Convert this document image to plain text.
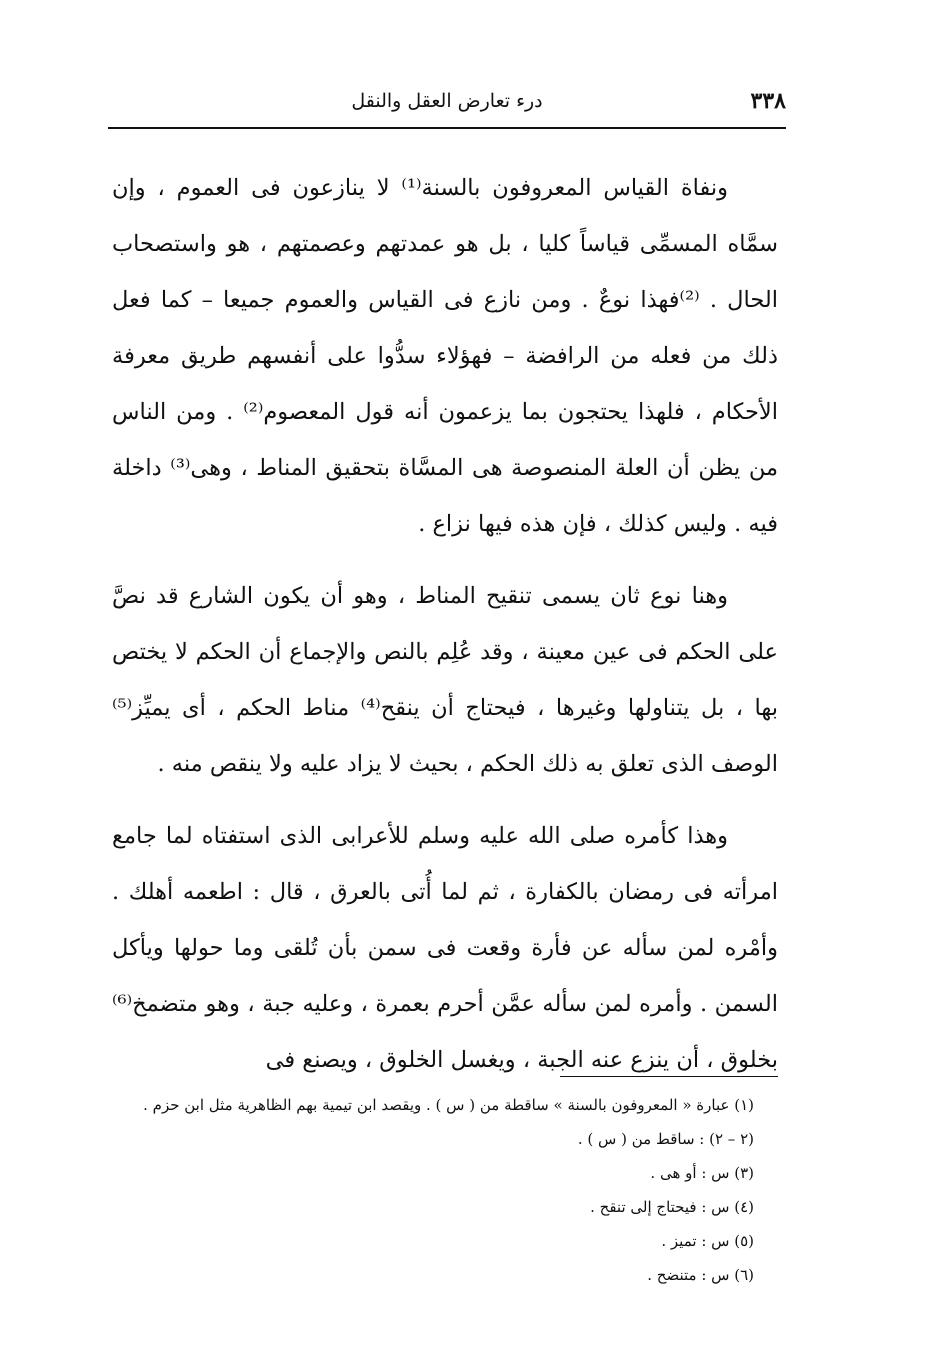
٣٣٨
درء تعارض العقل والنقل

ونفاة القياس المعروفون بالسنة⁽¹⁾ لا ينازعون فى العموم ، وإن سمَّاه المسمِّى قياساً كليا ، بل هو عمدتهم وعصمتهم ، هو واستصحاب الحال . ⁽²⁾فهذا نوعٌ . ومن نازع فى القياس والعموم جميعا – كما فعل ذلك من فعله من الرافضة – فهؤلاء سدُّوا على أنفسهم طريق معرفة الأحكام ، فلهذا يحتجون بما يزعمون أنه قول المعصوم⁽²⁾ . ومن الناس من يظن أن العلة المنصوصة هى المسَّاة بتحقيق المناط ، وهى⁽³⁾ داخلة فيه . وليس كذلك ، فإن هذه فيها نزاع .

وهنا نوع ثان يسمى تنقيح المناط ، وهو أن يكون الشارع قد نصَّ على الحكم فى عين معينة ، وقد عُلِم بالنص والإجماع أن الحكم لا يختص بها ، بل يتناولها وغيرها ، فيحتاج أن ينقح⁽⁴⁾ مناط الحكم ، أى يميِّز⁽⁵⁾ الوصف الذى تعلق به ذلك الحكم ، بحيث لا يزاد عليه ولا ينقص منه .

وهذا كأمره صلى الله عليه وسلم للأعرابى الذى استفتاه لما جامع امرأته فى رمضان بالكفارة ، ثم لما أُتى بالعرق ، قال : اطعمه أهلك . وأمْره لمن سأله عن فأرة وقعت فى سمن بأن تُلقى وما حولها ويأكل السمن . وأمره لمن سأله عمَّن أحرم بعمرة ، وعليه جبة ، وهو متضمخ⁽⁶⁾ بخلوق ، أن ينزع عنه الجبة ، ويغسل الخلوق ، ويصنع فى

(١) عبارة « المعروفون بالسنة » ساقطة من ( س ) . ويقصد ابن تيمية بهم الظاهرية مثل ابن حزم .
(٢ – ٢) : ساقط من ( س ) .
(٣) س : أو هى .
(٤) س : فيحتاج إلى تنقح .
(٥) س : تميز .
(٦) س : متنضح .
